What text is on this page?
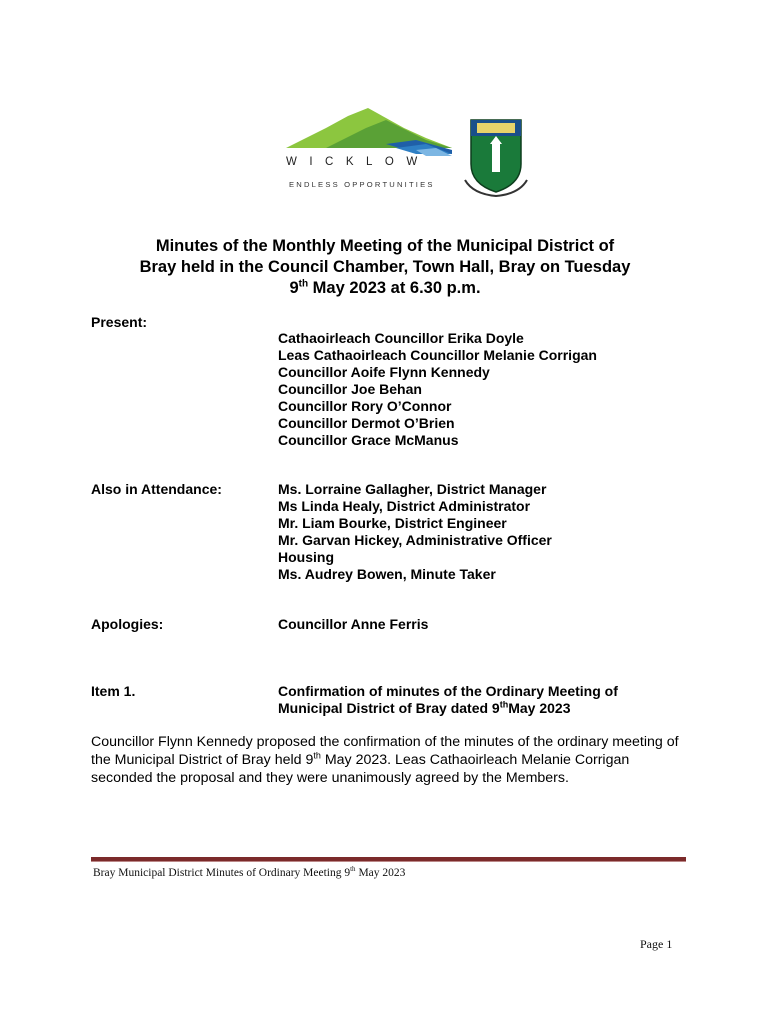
WICKLOW
ENDLESS OPPORTUNITIES
Minutes of the Monthly Meeting of the Municipal District of
Bray held in the Council Chamber, Town Hall, Bray on Tuesday
9th May 2023 at 6.30 p.m.
Present:
Cathaoirleach Councillor Erika Doyle
Leas Cathaoirleach Councillor Melanie Corrigan
Councillor Aoife Flynn Kennedy
Councillor Joe Behan
Councillor Rory O’Connor
Councillor Dermot O’Brien
Councillor Grace McManus
Also in Attendance:	Ms. Lorraine Gallagher, District Manager
Ms Linda Healy, District Administrator
Mr. Liam Bourke, District Engineer
Mr. Garvan Hickey, Administrative Officer
Housing
Ms. Audrey Bowen, Minute Taker
Apologies:	Councillor Anne Ferris
Item 1.	Confirmation of minutes of the Ordinary Meeting of
Municipal District of Bray dated 9thMay 2023
Councillor Flynn Kennedy proposed the confirmation of the minutes of the ordinary meeting of the Municipal District of Bray held 9th May 2023. Leas Cathaoirleach Melanie Corrigan seconded the proposal and they were unanimously agreed by the Members.
Bray Municipal District Minutes of Ordinary Meeting 9th May 2023
Page 1
